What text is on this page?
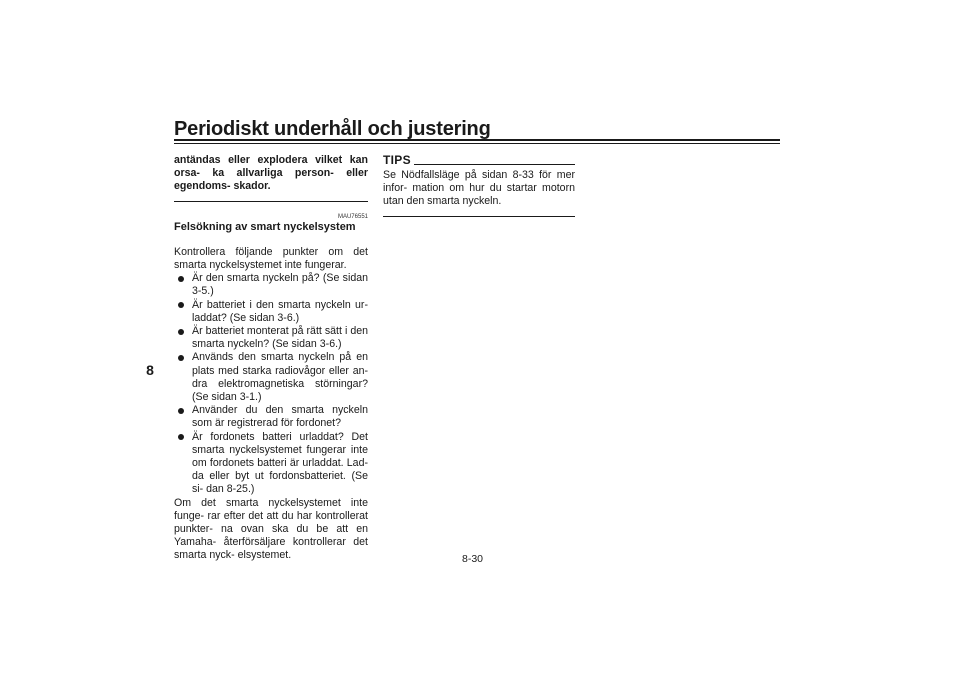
Periodiskt underhåll och justering
8
antändas eller explodera vilket kan orsa- ka allvarliga person- eller egendoms- skador.
MAU76551
Felsökning av smart nyckelsystem
Kontrollera följande punkter om det smarta nyckelsystemet inte fungerar.
Är den smarta nyckeln på? (Se sidan 3-5.)
Är batteriet i den smarta nyckeln ur- laddat? (Se sidan 3-6.)
Är batteriet monterat på rätt sätt i den smarta nyckeln? (Se sidan 3-6.)
Används den smarta nyckeln på en plats med starka radiovågor eller an- dra elektromagnetiska störningar? (Se sidan 3-1.)
Använder du den smarta nyckeln som är registrerad för fordonet?
Är fordonets batteri urladdat? Det smarta nyckelsystemet fungerar inte om fordonets batteri är urladdat. Lad- da eller byt ut fordonsbatteriet. (Se si- dan 8-25.)
Om det smarta nyckelsystemet inte funge- rar efter det att du har kontrollerat punkter- na ovan ska du be att en Yamaha- återförsäljare kontrollerar det smarta nyck- elsystemet.
TIPS
Se Nödfallsläge på sidan 8-33 för mer infor- mation om hur du startar motorn utan den smarta nyckeln.
8-30
